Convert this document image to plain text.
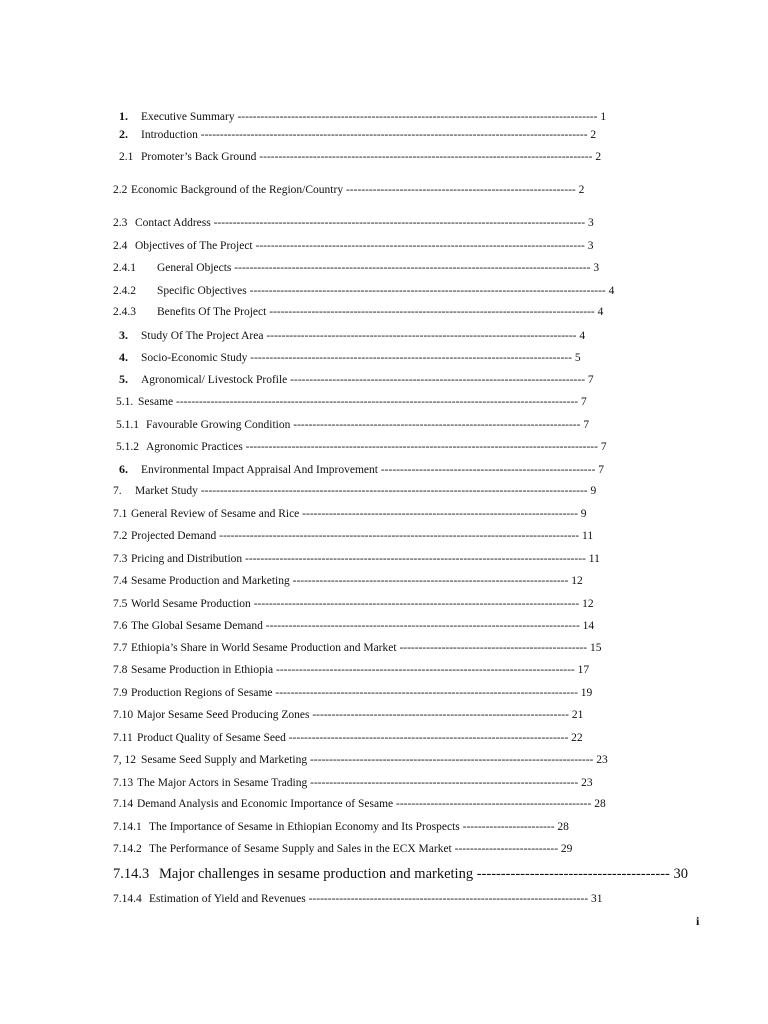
1. Executive Summary ---------------------------------------------------------------------------------------------- 1
2. Introduction ----------------------------------------------------------------------------------------------------- 2
2.1 Promoter’s Back Ground --------------------------------------------------------------------------------------- 2
2.2 Economic Background of the Region/Country ------------------------------------------------------------ 2
2.3 Contact Address ------------------------------------------------------------------------------------------------- 3
2.4 Objectives of The Project -------------------------------------------------------------------------------------- 3
2.4.1 General Objects --------------------------------------------------------------------------------------------- 3
2.4.2 Specific Objectives --------------------------------------------------------------------------------------------- 4
2.4.3 Benefits Of The Project ------------------------------------------------------------------------------------- 4
3. Study Of The Project Area --------------------------------------------------------------------------------- 4
4. Socio-Economic Study ------------------------------------------------------------------------------------ 5
5. Agronomical/ Livestock Profile ----------------------------------------------------------------------------- 7
5.1. Sesame --------------------------------------------------------------------------------------------------------- 7
5.1.1 Favourable Growing Condition --------------------------------------------------------------------------- 7
5.1.2 Agronomic Practices -------------------------------------------------------------------------------------------- 7
6. Environmental Impact Appraisal And Improvement -------------------------------------------------------- 7
7. Market Study ----------------------------------------------------------------------------------------------------- 9
7.1 General Review of Sesame and Rice ------------------------------------------------------------------------ 9
7.2 Projected Demand ---------------------------------------------------------------------------------------------- 11
7.3 Pricing and Distribution ----------------------------------------------------------------------------------------- 11
7.4 Sesame Production and Marketing ------------------------------------------------------------------------ 12
7.5 World Sesame Production ------------------------------------------------------------------------------------- 12
7.6 The Global Sesame Demand ---------------------------------------------------------------------------------- 14
7.7 Ethiopia’s Share in World Sesame Production and Market ------------------------------------------------- 15
7.8 Sesame Production in Ethiopia ------------------------------------------------------------------------------ 17
7.9 Production Regions of Sesame ------------------------------------------------------------------------------- 19
7.10 Major Sesame Seed Producing Zones ------------------------------------------------------------------- 21
7.11 Product Quality of Sesame Seed ------------------------------------------------------------------------- 22
7, 12 Sesame Seed Supply and Marketing -------------------------------------------------------------------------- 23
7.13 The Major Actors in Sesame Trading ---------------------------------------------------------------------- 23
7.14 Demand Analysis and Economic Importance of Sesame --------------------------------------------------- 28
7.14.1 The Importance of Sesame in Ethiopian Economy and Its Prospects ------------------------ 28
7.14.2 The Performance of Sesame Supply and Sales in the ECX Market --------------------------- 29
7.14.3 Major challenges in sesame production and marketing ---------------------------------------- 30
7.14.4 Estimation of Yield and Revenues ------------------------------------------------------------------------- 31
i
